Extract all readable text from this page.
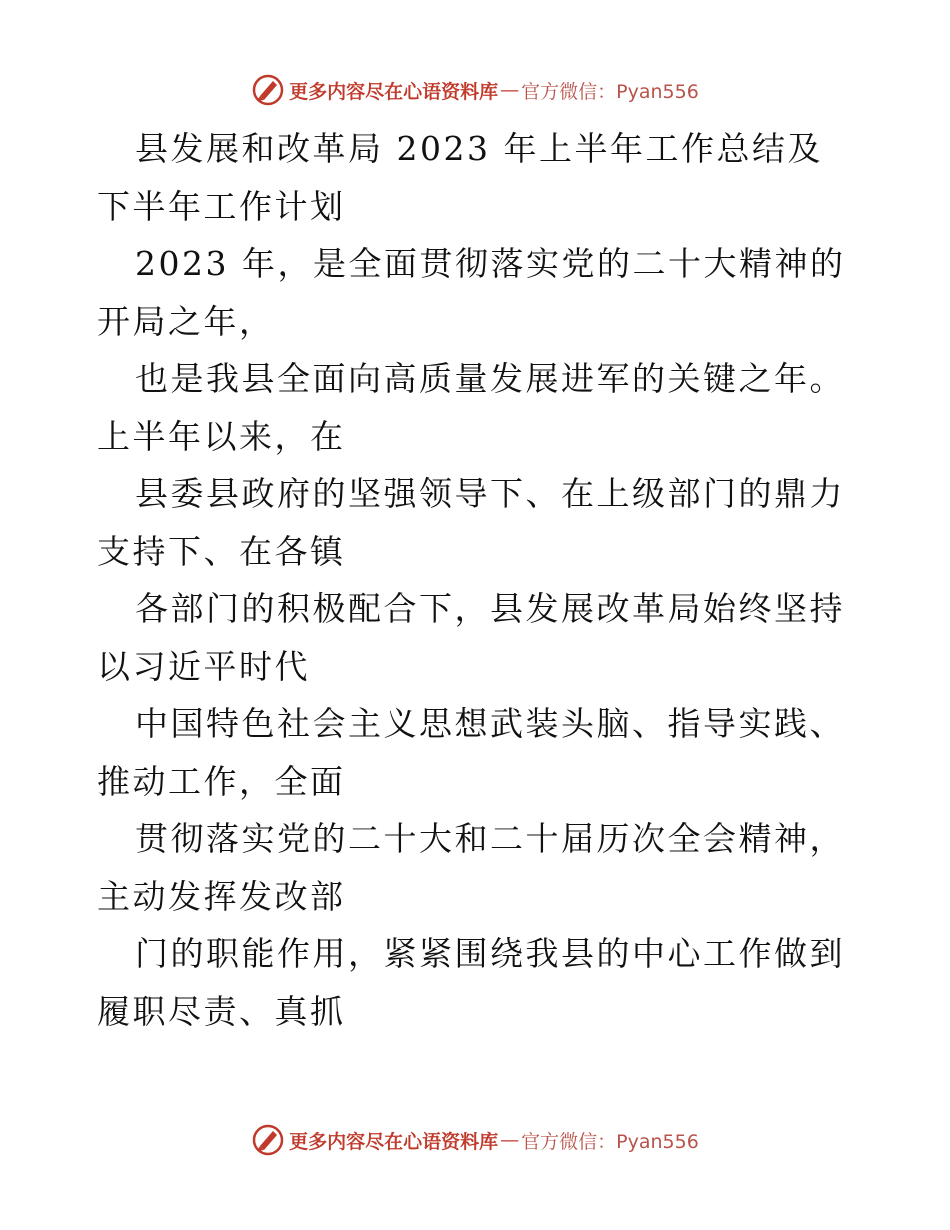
更多内容尽在心语资料库 — 官方微信：Pyan556

县发展和改革局 2023 年上半年工作总结及下半年工作计划

2023 年，是全面贯彻落实党的二十大精神的开局之年，

也是我县全面向高质量发展进军的关键之年。上半年以来，在

县委县政府的坚强领导下、在上级部门的鼎力支持下、在各镇

各部门的积极配合下，县发展改革局始终坚持以习近平时代

中国特色社会主义思想武装头脑、指导实践、推动工作，全面

贯彻落实党的二十大和二十届历次全会精神，主动发挥发改部

门的职能作用，紧紧围绕我县的中心工作做到履职尽责、真抓

更多内容尽在心语资料库 — 官方微信：Pyan556
